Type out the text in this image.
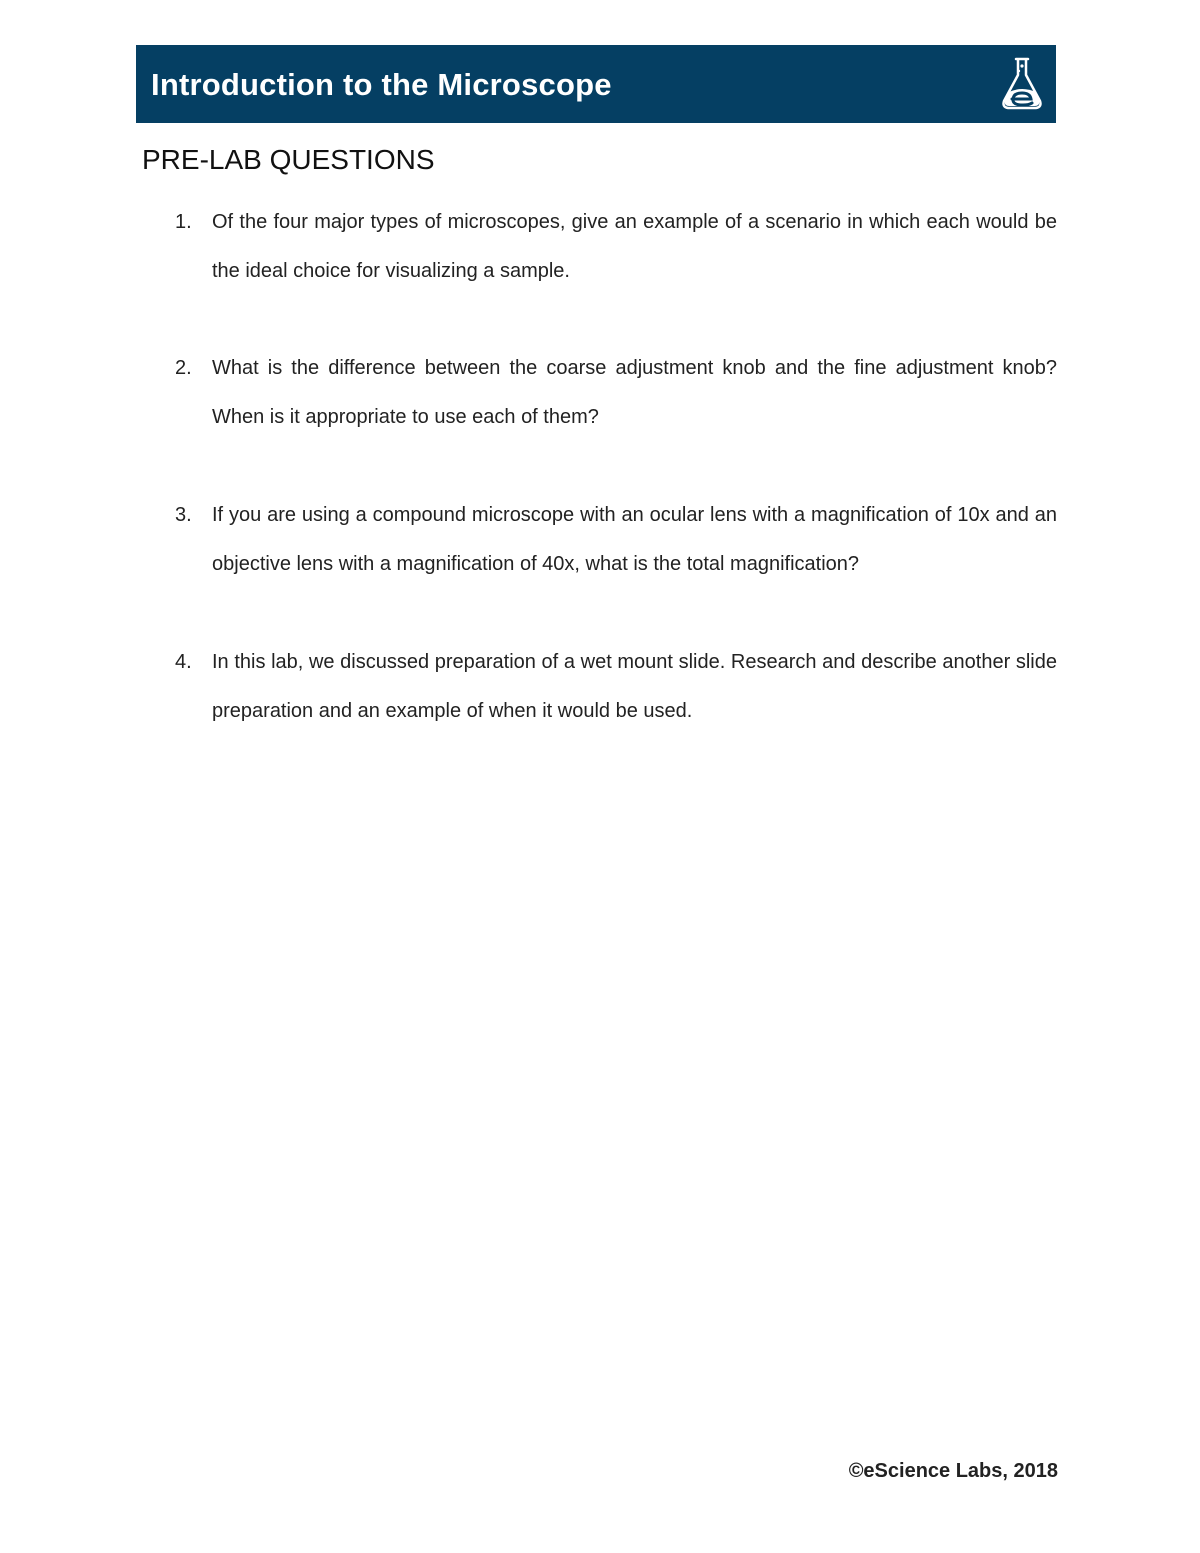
Introduction to the Microscope
PRE-LAB QUESTIONS
1. Of the four major types of microscopes, give an example of a scenario in which each would be the ideal choice for visualizing a sample.
2. What is the difference between the coarse adjustment knob and the fine adjustment knob? When is it appropriate to use each of them?
3. If you are using a compound microscope with an ocular lens with a magnification of 10x and an objective lens with a magnification of 40x, what is the total magnification?
4. In this lab, we discussed preparation of a wet mount slide. Research and describe another slide preparation and an example of when it would be used.
©eScience Labs, 2018
